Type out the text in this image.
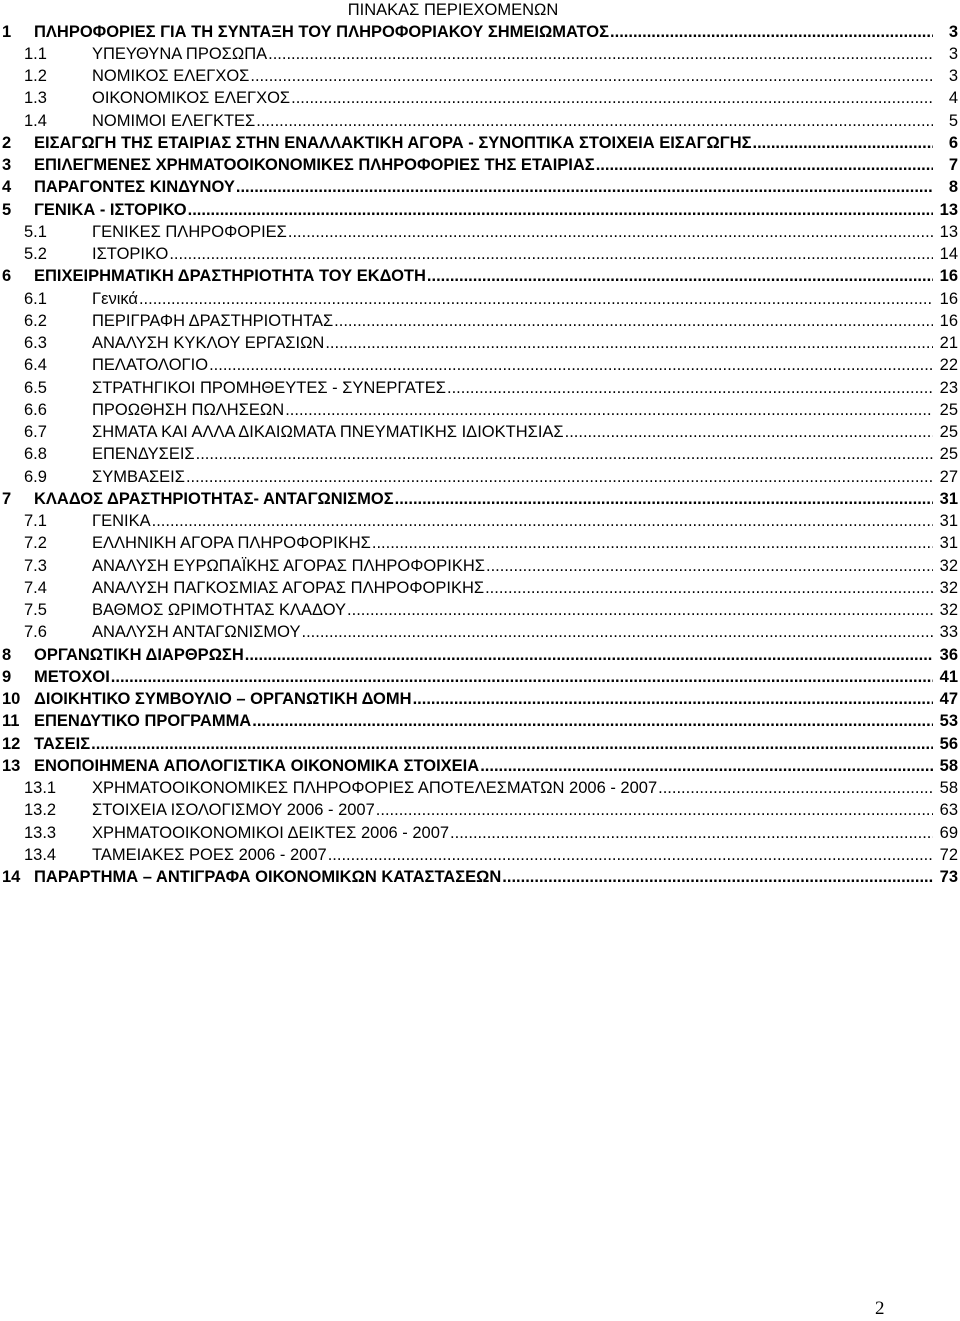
ΠΙΝΑΚΑΣ ΠΕΡΙΕΧΟΜΕΝΩΝ
1	ΠΛΗΡΟΦΟΡΙΕΣ ΓΙΑ ΤΗ ΣΥΝΤΑΞΗ ΤΟΥ ΠΛΗΡΟΦΟΡΙΑΚΟΥ ΣΗΜΕΙΩΜΑΤΟΣ .....	3
1.1	ΥΠΕΥΘΥΝΑ ΠΡΟΣΩΠΑ .....	3
1.2	ΝΟΜΙΚΟΣ ΕΛΕΓΧΟΣ .....	3
1.3	ΟΙΚΟΝΟΜΙΚΟΣ ΕΛΕΓΧΟΣ .....	4
1.4	ΝΟΜΙΜΟΙ ΕΛΕΓΚΤΕΣ .....	5
2	ΕΙΣΑΓΩΓΗ ΤΗΣ ΕΤΑΙΡΙΑΣ ΣΤΗΝ ΕΝΑΛΛΑΚΤΙΚΗ ΑΓΟΡΑ - ΣΥΝΟΠΤΙΚΑ ΣΤΟΙΧΕΙΑ ΕΙΣΑΓΩΓΗΣ .....	6
3	ΕΠΙΛΕΓΜΕΝΕΣ ΧΡΗΜΑΤΟΟΙΚΟΝΟΜΙΚΕΣ ΠΛΗΡΟΦΟΡΙΕΣ ΤΗΣ ΕΤΑΙΡΙΑΣ .....	7
4	ΠΑΡΑΓΟΝΤΕΣ ΚΙΝΔΥΝΟΥ .....	8
5	ΓΕΝΙΚΑ - ΙΣΤΟΡΙΚΟ .....	13
5.1	ΓΕΝΙΚΕΣ ΠΛΗΡΟΦΟΡΙΕΣ .....	13
5.2	ΙΣΤΟΡΙΚΟ .....	14
6	ΕΠΙΧΕΙΡΗΜΑΤΙΚΗ ΔΡΑΣΤΗΡΙΟΤΗΤΑ ΤΟΥ ΕΚΔΟΤΗ .....	16
6.1	Γενικά .....	16
6.2	ΠΕΡΙΓΡΑΦΗ ΔΡΑΣΤΗΡΙΟΤΗΤΑΣ .....	16
6.3	ΑΝΑΛΥΣΗ ΚΥΚΛΟΥ ΕΡΓΑΣΙΩΝ .....	21
6.4	ΠΕΛΑΤΟΛΟΓΙΟ .....	22
6.5	ΣΤΡΑΤΗΓΙΚΟΙ ΠΡΟΜΗΘΕΥΤΕΣ - ΣΥΝΕΡΓΑΤΕΣ .....	23
6.6	ΠΡΟΩΘΗΣΗ ΠΩΛΗΣΕΩΝ .....	25
6.7	ΣΗΜΑΤΑ ΚΑΙ ΑΛΛΑ ΔΙΚΑΙΩΜΑΤΑ ΠΝΕΥΜΑΤΙΚΗΣ ΙΔΙΟΚΤΗΣΙΑΣ .....	25
6.8	ΕΠΕΝΔΥΣΕΙΣ .....	25
6.9	ΣΥΜΒΑΣΕΙΣ .....	27
7	ΚΛΑΔΟΣ ΔΡΑΣΤΗΡΙΟΤΗΤΑΣ- ΑΝΤΑΓΩΝΙΣΜΟΣ .....	31
7.1	ΓΕΝΙΚΑ .....	31
7.2	ΕΛΛΗΝΙΚΗ ΑΓΟΡΑ ΠΛΗΡΟΦΟΡΙΚΗΣ .....	31
7.3	ΑΝΑΛΥΣΗ ΕΥΡΩΠΑΪΚΗΣ ΑΓΟΡΑΣ ΠΛΗΡΟΦΟΡΙΚΗΣ .....	32
7.4	ΑΝΑΛΥΣΗ ΠΑΓΚΟΣΜΙΑΣ ΑΓΟΡΑΣ ΠΛΗΡΟΦΟΡΙΚΗΣ .....	32
7.5	ΒΑΘΜΟΣ ΩΡΙΜΟΤΗΤΑΣ ΚΛΑΔΟΥ .....	32
7.6	ΑΝΑΛΥΣΗ ΑΝΤΑΓΩΝΙΣΜΟΥ .....	33
8	ΟΡΓΑΝΩΤΙΚΗ ΔΙΑΡΘΡΩΣΗ .....	36
9	ΜΕΤΟΧΟΙ .....	41
10 ΔΙΟΙΚΗΤΙΚΟ ΣΥΜΒΟΥΛΙΟ – ΟΡΓΑΝΩΤΙΚΗ ΔΟΜΗ .....	47
11 ΕΠΕΝΔΥΤΙΚΟ ΠΡΟΓΡΑΜΜΑ .....	53
12 ΤΑΣΕΙΣ .....	56
13 ΕΝΟΠΟΙΗΜΕΝΑ ΑΠΟΛΟΓΙΣΤΙΚΑ ΟΙΚΟΝΟΜΙΚΑ ΣΤΟΙΧΕΙΑ .....	58
13.1	ΧΡΗΜΑΤΟΟΙΚΟΝΟΜΙΚΕΣ ΠΛΗΡΟΦΟΡΙΕΣ ΑΠΟΤΕΛΕΣΜΑΤΩΝ 2006 - 2007 .....	58
13.2	ΣΤΟΙΧΕΙΑ ΙΣΟΛΟΓΙΣΜΟΥ 2006 - 2007 .....	63
13.3	ΧΡΗΜΑΤΟΟΙΚΟΝΟΜΙΚΟΙ ΔΕΙΚΤΕΣ 2006 - 2007 .....	69
13.4	ΤΑΜΕΙΑΚΕΣ ΡΟΕΣ 2006 - 2007 .....	72
14 ΠΑΡΑΡΤΗΜΑ – ΑΝΤΙΓΡΑΦΑ ΟΙΚΟΝΟΜΙΚΩΝ ΚΑΤΑΣΤΑΣΕΩΝ .....	73
2
